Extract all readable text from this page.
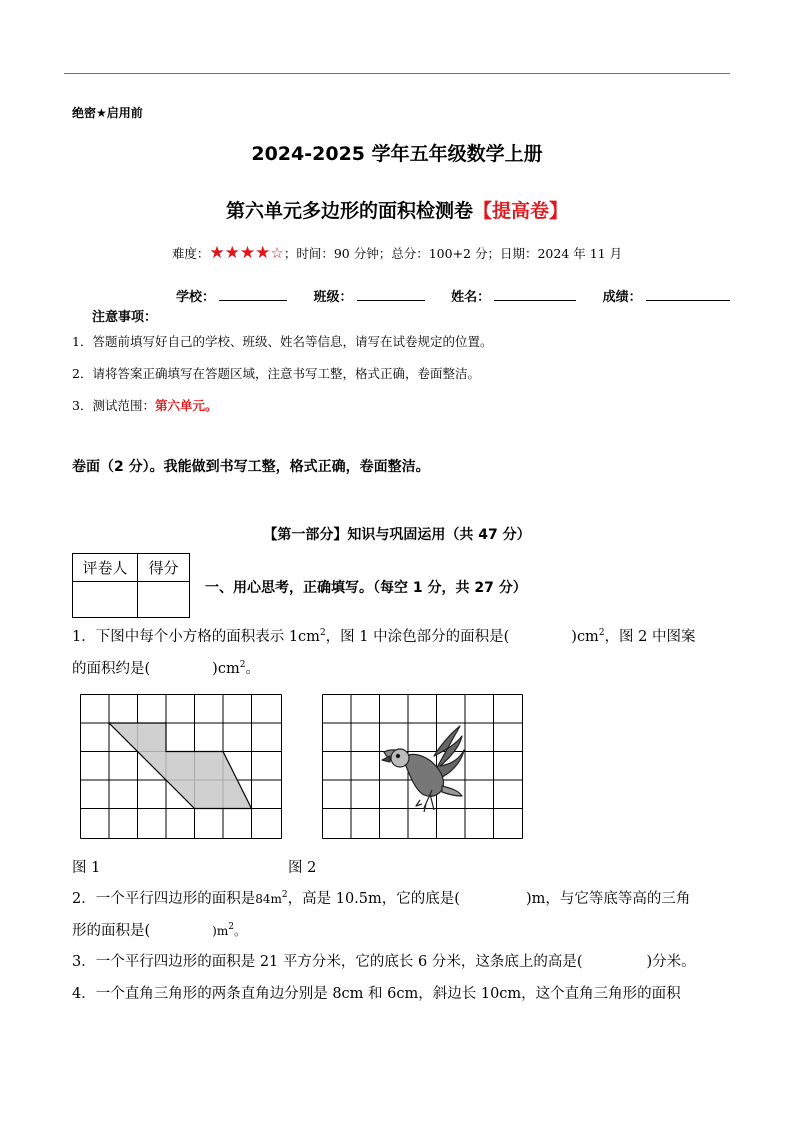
绝密★启用前
2024-2025 学年五年级数学上册
第六单元多边形的面积检测卷【提高卷】
难度：★★★★☆；时间：90 分钟；总分：100+2 分；日期：2024 年 11 月
学校：	班级：	姓名：	成绩：
注意事项：
1．答题前填写好自己的学校、班级、姓名等信息，请写在试卷规定的位置。
2．请将答案正确填写在答题区域，注意书写工整，格式正确，卷面整洁。
3．测试范围：第六单元。
卷面（2 分）。我能做到书写工整，格式正确，卷面整洁。
【第一部分】知识与巩固运用（共 47 分）
评卷人	得分

一、用心思考，正确填写。（每空 1 分，共 27 分）
1．下图中每个小方格的面积表示 $1cm^2$，图 1 中涂色部分的面积是(	)$cm^2$，图 2 中图案
的面积约是(	)$cm^2$。
图 1	图 2
2．一个平行四边形的面积是$84m^2$，高是 10.5m，它的底是(	)m，与它等底等高的三角
形的面积是(	)$m^2$。
3．一个平行四边形的面积是 21 平方分米，它的底长 6 分米，这条底上的高是(	)分米。
4．一个直角三角形的两条直角边分别是 8cm 和 6cm，斜边长 10cm，这个直角三角形的面积
